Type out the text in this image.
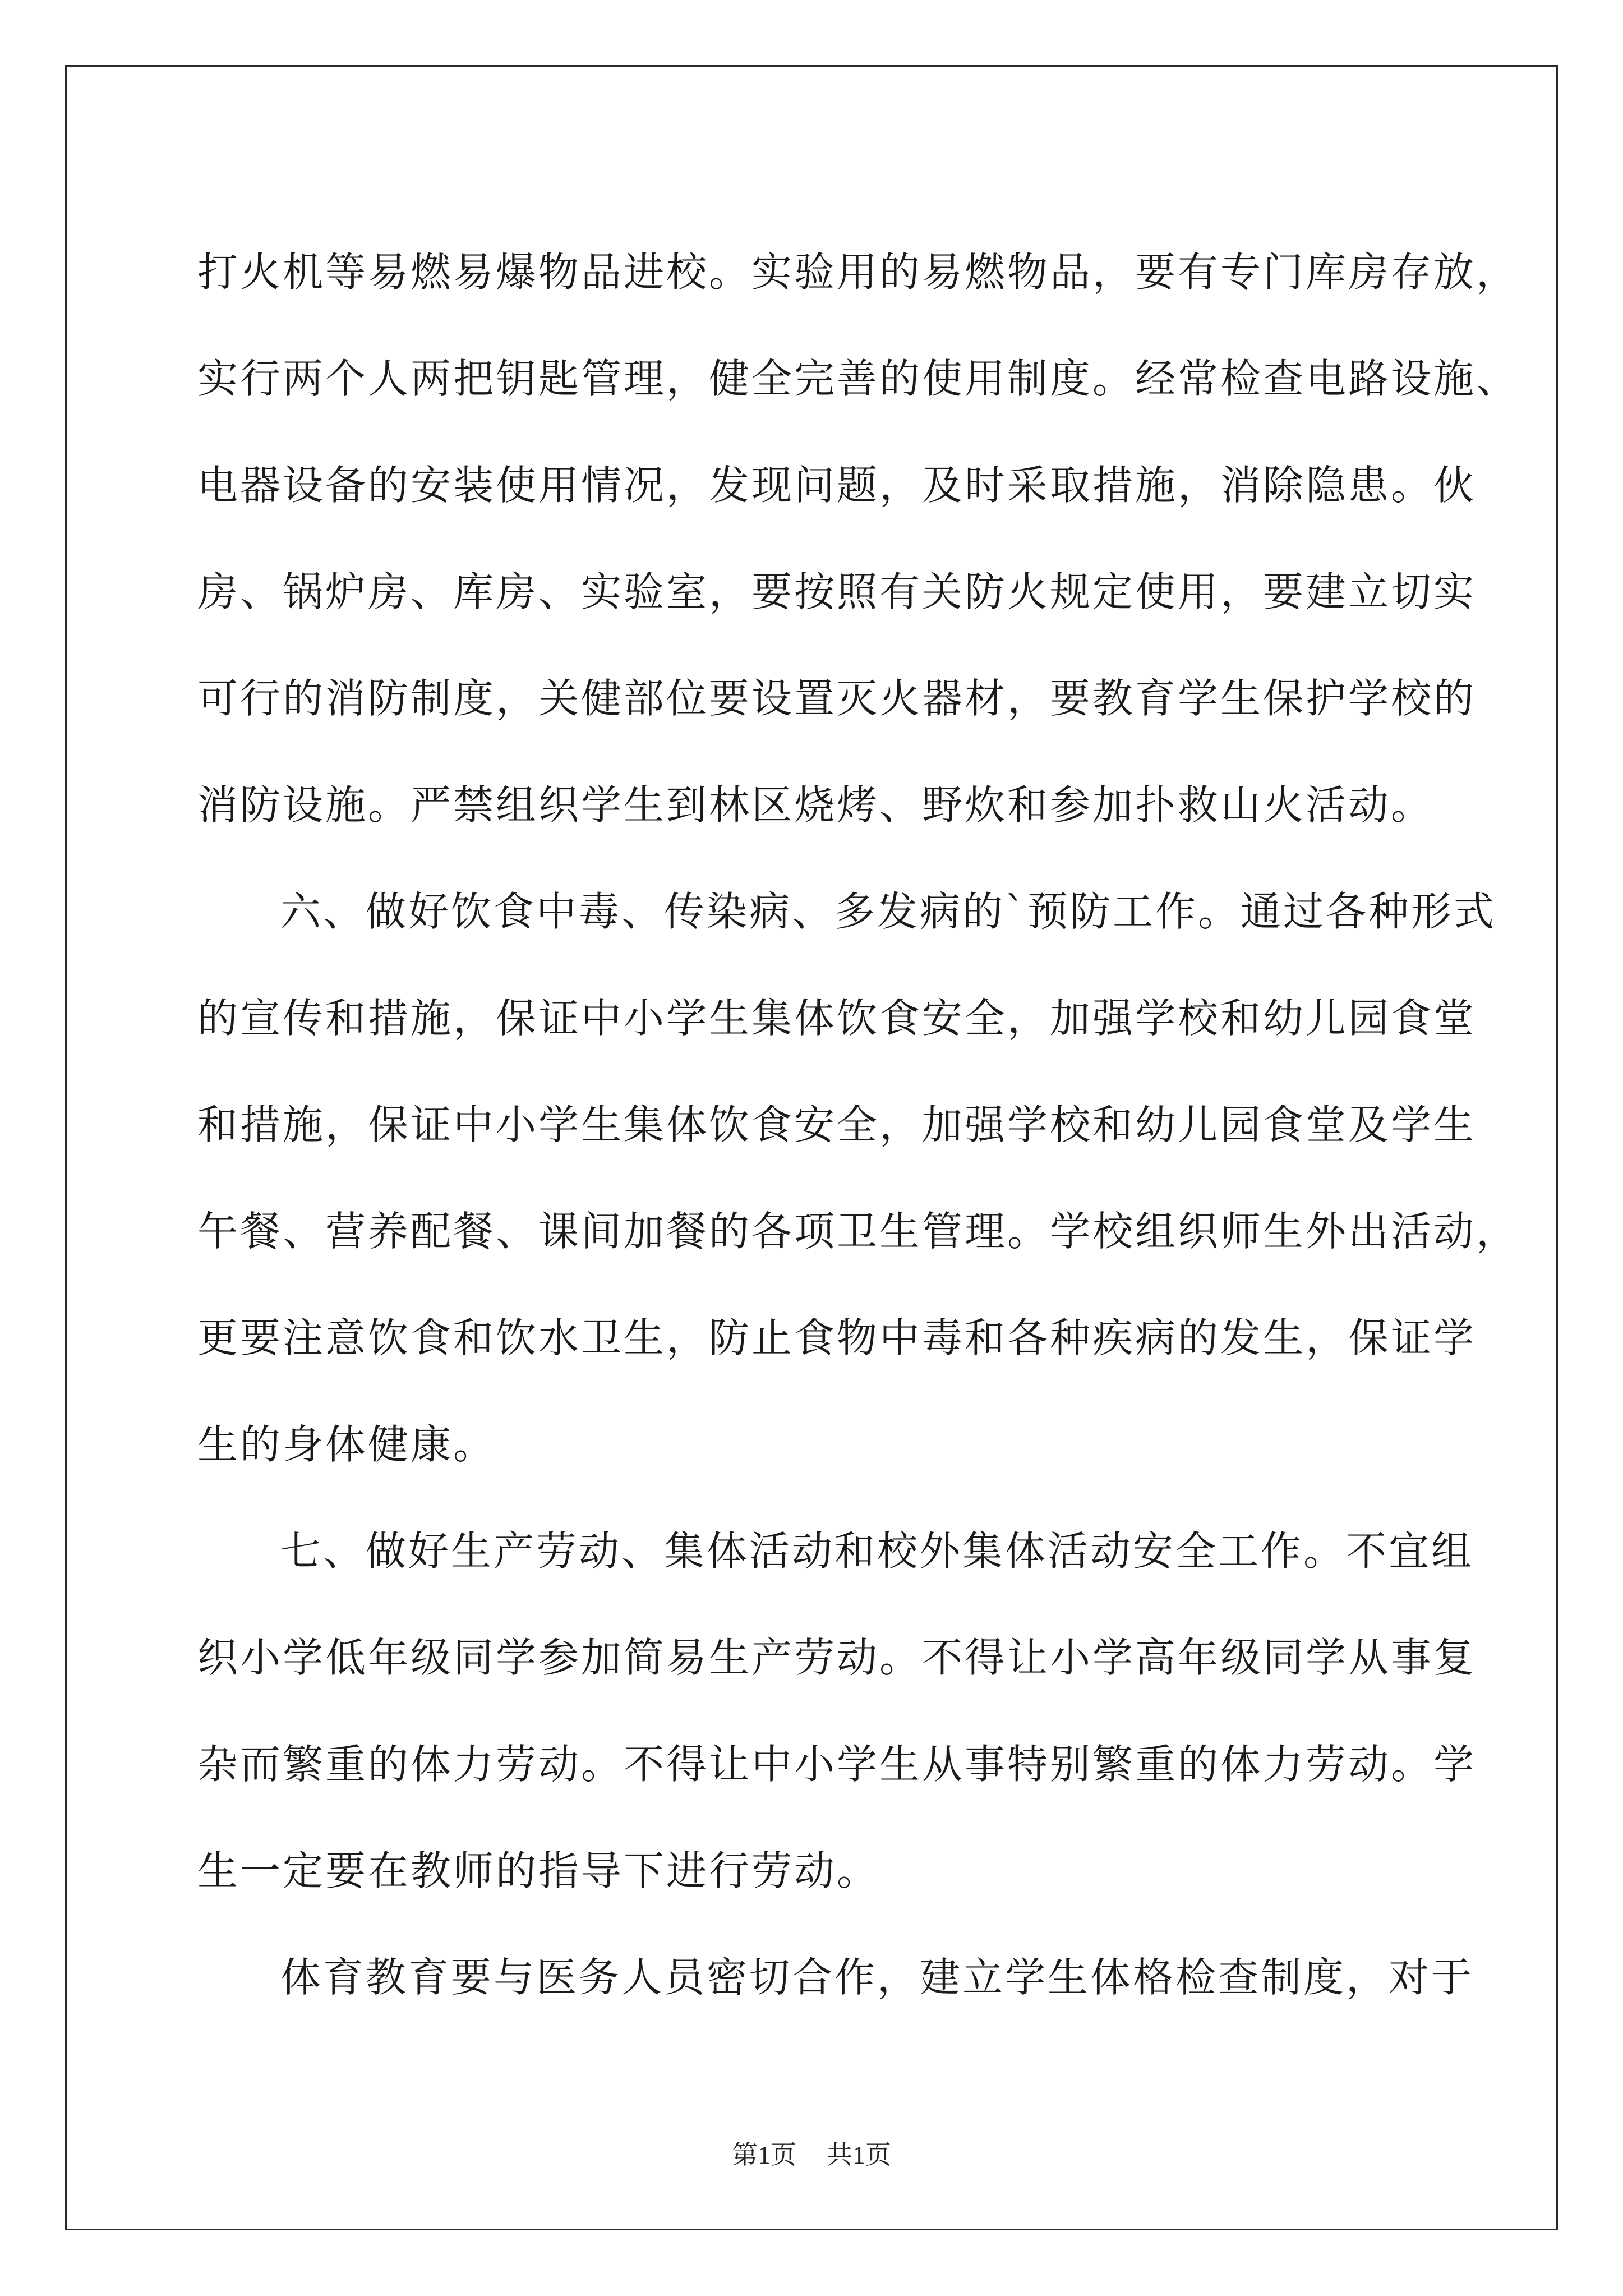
打火机等易燃易爆物品进校。实验用的易燃物品，要有专门库房存放，
实行两个人两把钥匙管理，健全完善的使用制度。经常检查电路设施、
电器设备的安装使用情况，发现问题，及时采取措施，消除隐患。伙
房、锅炉房、库房、实验室，要按照有关防火规定使用，要建立切实
可行的消防制度，关健部位要设置灭火器材，要教育学生保护学校的
消防设施。严禁组织学生到林区烧烤、野炊和参加扑救山火活动。
六、做好饮食中毒、传染病、多发病的`预防工作。通过各种形式
的宣传和措施，保证中小学生集体饮食安全，加强学校和幼儿园食堂
和措施，保证中小学生集体饮食安全，加强学校和幼儿园食堂及学生
午餐、营养配餐、课间加餐的各项卫生管理。学校组织师生外出活动，
更要注意饮食和饮水卫生，防止食物中毒和各种疾病的发生，保证学
生的身体健康。
七、做好生产劳动、集体活动和校外集体活动安全工作。不宜组
织小学低年级同学参加简易生产劳动。不得让小学高年级同学从事复
杂而繁重的体力劳动。不得让中小学生从事特别繁重的体力劳动。学
生一定要在教师的指导下进行劳动。
体育教育要与医务人员密切合作，建立学生体格检查制度，对于
第1页 共1页
